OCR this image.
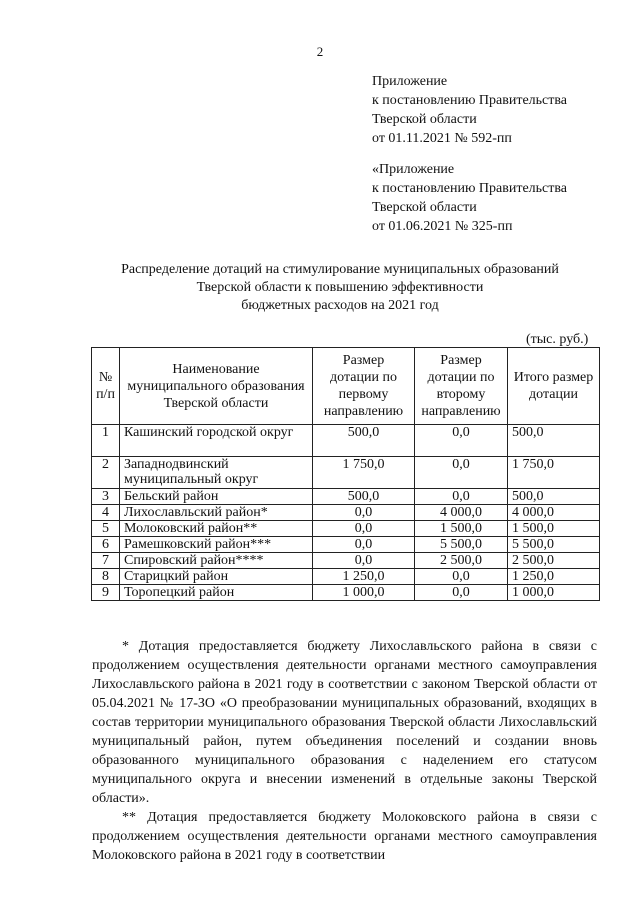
2
Приложение
к постановлению Правительства
Тверской области
от 01.11.2021 № 592-пп
«Приложение
к постановлению Правительства
Тверской области
от 01.06.2021 № 325-пп
Распределение дотаций на стимулирование муниципальных образований
Тверской области к повышению эффективности
бюджетных расходов на 2021 год
(тыс. руб.)
№ п/п	Наименование муниципального образования Тверской области	Размер дотации по первому направлению	Размер дотации по второму направлению	Итого размер дотации
1	Кашинский городской округ	500,0	0,0	500,0
2	Западнодвинский муниципальный округ	1 750,0	0,0	1 750,0
3	Бельский район	500,0	0,0	500,0
4	Лихославльский район*	0,0	4 000,0	4 000,0
5	Молоковский район**	0,0	1 500,0	1 500,0
6	Рамешковский район***	0,0	5 500,0	5 500,0
7	Спировский район****	0,0	2 500,0	2 500,0
8	Старицкий район	1 250,0	0,0	1 250,0
9	Торопецкий район	1 000,0	0,0	1 000,0

* Дотация предоставляется бюджету Лихославльского района в связи с продолжением осуществления деятельности органами местного самоуправления Лихославльского района в 2021 году в соответствии с законом Тверской области от 05.04.2021 № 17-ЗО «О преобразовании муниципальных образований, входящих в состав территории муниципального образования Тверской области Лихославльский муниципальный район, путем объединения поселений и создании вновь образованного муниципального образования с наделением его статусом муниципального округа и внесении изменений в отдельные законы Тверской области».

** Дотация предоставляется бюджету Молоковского района в связи с продолжением осуществления деятельности органами местного самоуправления Молоковского района в 2021 году в соответствии
